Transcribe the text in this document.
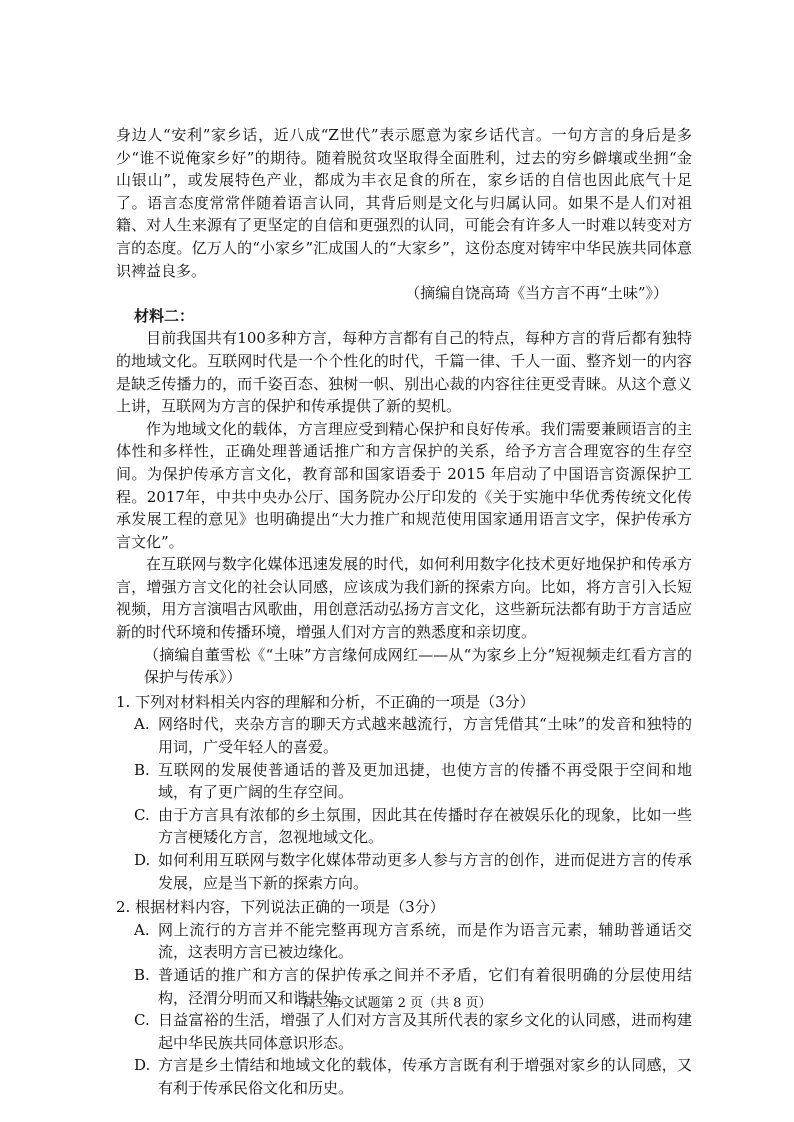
身边人“安利”家乡话，近八成“Z世代”表示愿意为家乡话代言。一句方言的身后是多少“谁不说俺家乡好”的期待。随着脱贫攻坚取得全面胜利，过去的穷乡僻壤或坐拥“金山银山”，或发展特色产业，都成为丰衣足食的所在，家乡话的自信也因此底气十足了。语言态度常常伴随着语言认同，其背后则是文化与归属认同。如果不是人们对祖籍、对人生来源有了更坚定的自信和更强烈的认同，可能会有许多人一时难以转变对方言的态度。亿万人的“小家乡”汇成国人的“大家乡”，这份态度对铸牢中华民族共同体意识裨益良多。

（摘编自饶高琦《当方言不再“土味”》）

材料二：

目前我国共有100多种方言，每种方言都有自己的特点，每种方言的背后都有独特的地域文化。互联网时代是一个个性化的时代，千篇一律、千人一面、整齐划一的内容是缺乏传播力的，而千姿百态、独树一帜、别出心裁的内容往往更受青睐。从这个意义上讲，互联网为方言的保护和传承提供了新的契机。

作为地域文化的载体，方言理应受到精心保护和良好传承。我们需要兼顾语言的主体性和多样性，正确处理普通话推广和方言保护的关系，给予方言合理宽容的生存空间。为保护传承方言文化，教育部和国家语委于 2015 年启动了中国语言资源保护工程。2017年，中共中央办公厅、国务院办公厅印发的《关于实施中华优秀传统文化传承发展工程的意见》也明确提出“大力推广和规范使用国家通用语言文字，保护传承方言文化”。

在互联网与数字化媒体迅速发展的时代，如何利用数字化技术更好地保护和传承方言，增强方言文化的社会认同感，应该成为我们新的探索方向。比如，将方言引入长短视频，用方言演唱古风歌曲，用创意活动弘扬方言文化，这些新玩法都有助于方言适应新的时代环境和传播环境，增强人们对方言的熟悉度和亲切度。

（摘编自董雪松《“土味”方言缘何成网红——从“为家乡上分”短视频走红看方言的保护与传承》）

1. 下列对材料相关内容的理解和分析，不正确的一项是（3分）

A. 网络时代，夹杂方言的聊天方式越来越流行，方言凭借其“土味”的发音和独特的用词，广受年轻人的喜爱。
B. 互联网的发展使普通话的普及更加迅捷，也使方言的传播不再受限于空间和地域，有了更广阔的生存空间。
C. 由于方言具有浓郁的乡土氛围，因此其在传播时存在被娱乐化的现象，比如一些方言梗矮化方言，忽视地域文化。
D. 如何利用互联网与数字化媒体带动更多人参与方言的创作，进而促进方言的传承发展，应是当下新的探索方向。

2. 根据材料内容，下列说法正确的一项是（3分）

A. 网上流行的方言并不能完整再现方言系统，而是作为语言元素，辅助普通话交流，这表明方言已被边缘化。
B. 普通话的推广和方言的保护传承之间并不矛盾，它们有着很明确的分层使用结构，泾渭分明而又和谐共处。
C. 日益富裕的生活，增强了人们对方言及其所代表的家乡文化的认同感，进而构建起中华民族共同体意识形态。
D. 方言是乡土情结和地域文化的载体，传承方言既有利于增强对家乡的认同感，又有利于传承民俗文化和历史。
高二语文试题第 2 页（共 8 页）
